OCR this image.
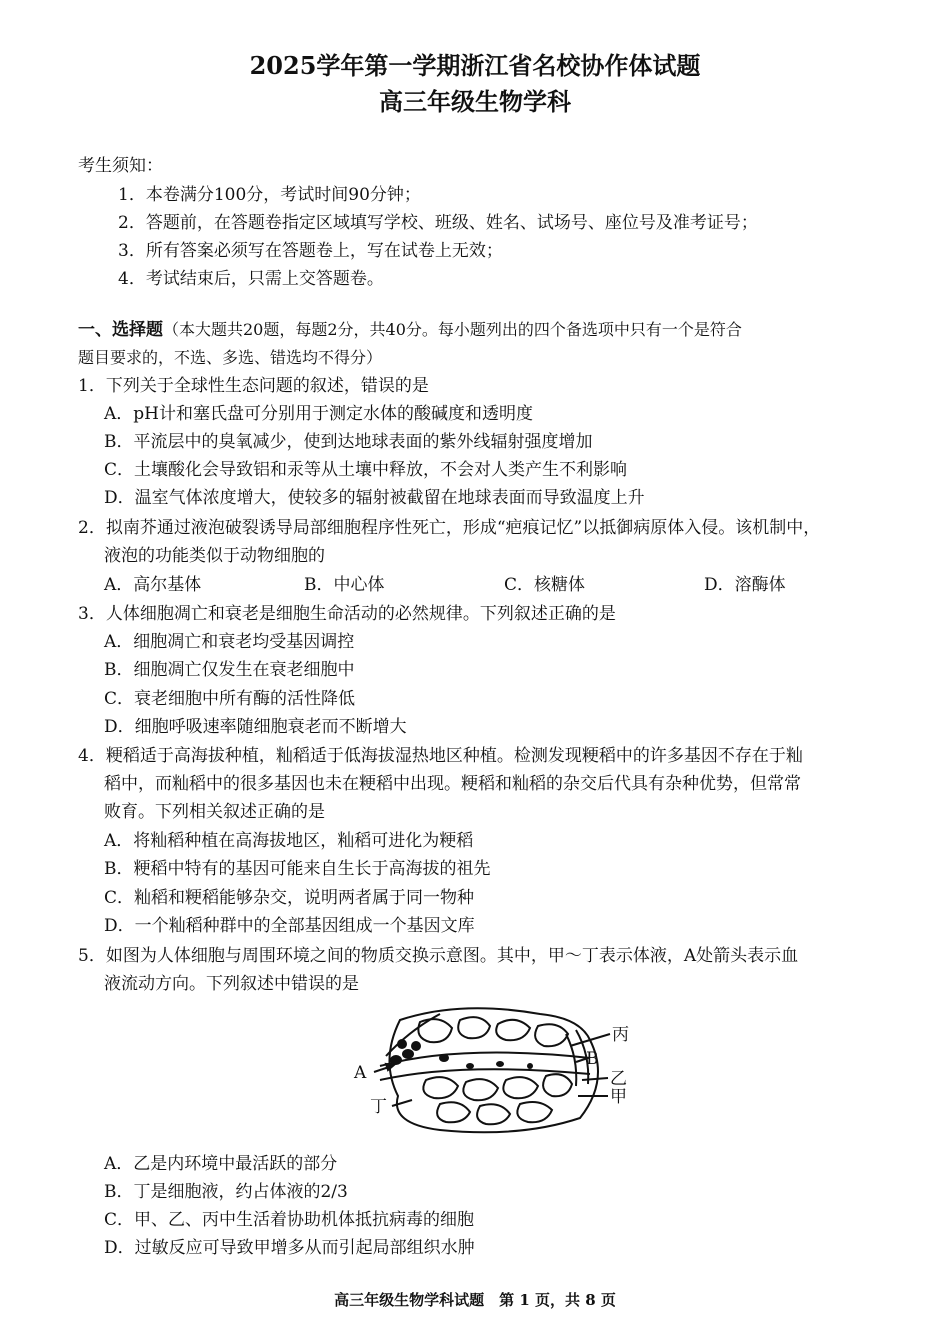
2025学年第一学期浙江省名校协作体试题
高三年级生物学科
考生须知：
1．本卷满分100分，考试时间90分钟；
2．答题前，在答题卷指定区域填写学校、班级、姓名、试场号、座位号及准考证号；
3．所有答案必须写在答题卷上，写在试卷上无效；
4．考试结束后，只需上交答题卷。
一、选择题（本大题共20题，每题2分，共40分。每小题列出的四个备选项中只有一个是符合
题目要求的，不选、多选、错选均不得分）
1．下列关于全球性生态问题的叙述，错误的是
A．pH计和塞氏盘可分别用于测定水体的酸碱度和透明度
B．平流层中的臭氧减少，使到达地球表面的紫外线辐射强度增加
C．土壤酸化会导致铝和汞等从土壤中释放，不会对人类产生不利影响
D．温室气体浓度增大，使较多的辐射被截留在地球表面而导致温度上升
2．拟南芥通过液泡破裂诱导局部细胞程序性死亡，形成“疤痕记忆”以抵御病原体入侵。该机制中，
液泡的功能类似于动物细胞的
A．高尔基体	B．中心体	C．核糖体	D．溶酶体
3．人体细胞凋亡和衰老是细胞生命活动的必然规律。下列叙述正确的是
A．细胞凋亡和衰老均受基因调控
B．细胞凋亡仅发生在衰老细胞中
C．衰老细胞中所有酶的活性降低
D．细胞呼吸速率随细胞衰老而不断增大
4．粳稻适于高海拔种植，籼稻适于低海拔湿热地区种植。检测发现粳稻中的许多基因不存在于籼
稻中，而籼稻中的很多基因也未在粳稻中出现。粳稻和籼稻的杂交后代具有杂种优势，但常常
败育。下列相关叙述正确的是
A．将籼稻种植在高海拔地区，籼稻可进化为粳稻
B．粳稻中特有的基因可能来自生长于高海拔的祖先
C．籼稻和粳稻能够杂交，说明两者属于同一物种
D．一个籼稻种群中的全部基因组成一个基因文库
5．如图为人体细胞与周围环境之间的物质交换示意图。其中，甲～丁表示体液，A处箭头表示血
液流动方向。下列叙述中错误的是
A
B
丙
乙
甲
丁
A．乙是内环境中最活跃的部分
B．丁是细胞液，约占体液的2/3
C．甲、乙、丙中生活着协助机体抵抗病毒的细胞
D．过敏反应可导致甲增多从而引起局部组织水肿
高三年级生物学科试题　第 1 页，共 8 页
